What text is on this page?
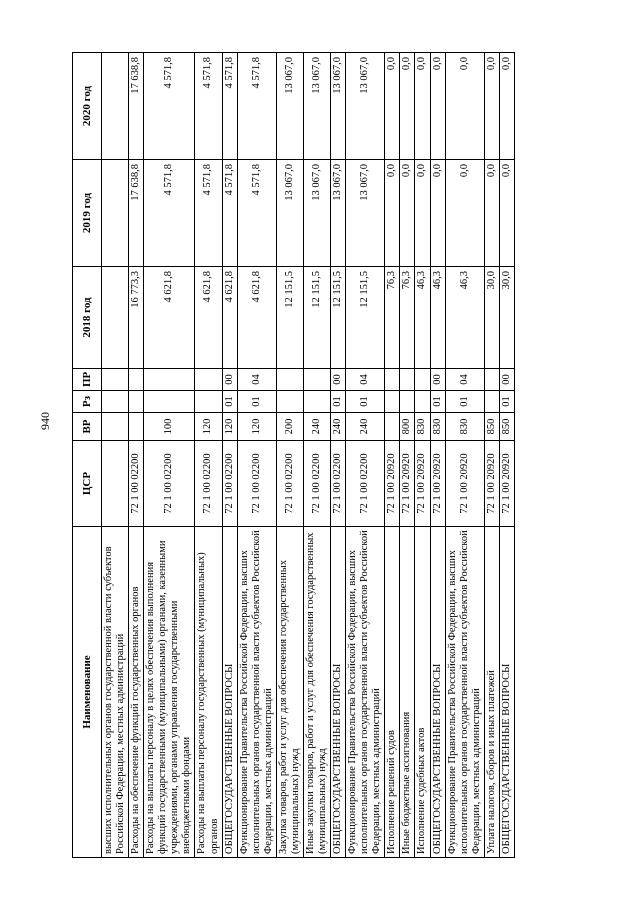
940
Наименование	ЦСР	ВР	Рз	ПР	2018 год	2019 год	2020 год
высших исполнительных органов государственной власти субъектов Российской Федерации, местных администраций							
Расходы на обеспечение функций государственных органов	72 1 00 02200				16 773,3	17 638,8	17 638,8
Расходы на выплаты персоналу в целях обеспечения выполнения функций государственными (муниципальными) органами, казенными учреждениями, органами управления государственными внебюджетными фондами	72 1 00 02200	100			4 621,8	4 571,8	4 571,8
Расходы на выплаты персоналу государственных (муниципальных) органов	72 1 00 02200	120			4 621,8	4 571,8	4 571,8
ОБЩЕГОСУДАРСТВЕННЫЕ ВОПРОСЫ	72 1 00 02200	120	01	00	4 621,8	4 571,8	4 571,8
Функционирование Правительства Российской Федерации, высших исполнительных органов государственной власти субъектов Российской Федерации, местных администраций	72 1 00 02200	120	01	04	4 621,8	4 571,8	4 571,8
Закупка товаров, работ и услуг для обеспечения государственных (муниципальных) нужд	72 1 00 02200	200			12 151,5	13 067,0	13 067,0
Иные закупки товаров, работ и услуг для обеспечения государственных (муниципальных) нужд	72 1 00 02200	240			12 151,5	13 067,0	13 067,0
ОБЩЕГОСУДАРСТВЕННЫЕ ВОПРОСЫ	72 1 00 02200	240	01	00	12 151,5	13 067,0	13 067,0
Функционирование Правительства Российской Федерации, высших исполнительных органов государственной власти субъектов Российской Федерации, местных администраций	72 1 00 02200	240	01	04	12 151,5	13 067,0	13 067,0
Исполнение решений судов	72 1 00 20920				76,3	0,0	0,0
Иные бюджетные ассигнования	72 1 00 20920	800			76,3	0,0	0,0
Исполнение судебных актов	72 1 00 20920	830			46,3	0,0	0,0
ОБЩЕГОСУДАРСТВЕННЫЕ ВОПРОСЫ	72 1 00 20920	830	01	00	46,3	0,0	0,0
Функционирование Правительства Российской Федерации, высших исполнительных органов государственной власти субъектов Российской Федерации, местных администраций	72 1 00 20920	830	01	04	46,3	0,0	0,0
Уплата налогов, сборов и иных платежей	72 1 00 20920	850			30,0	0,0	0,0
ОБЩЕГОСУДАРСТВЕННЫЕ ВОПРОСЫ	72 1 00 20920	850	01	00	30,0	0,0	0,0
